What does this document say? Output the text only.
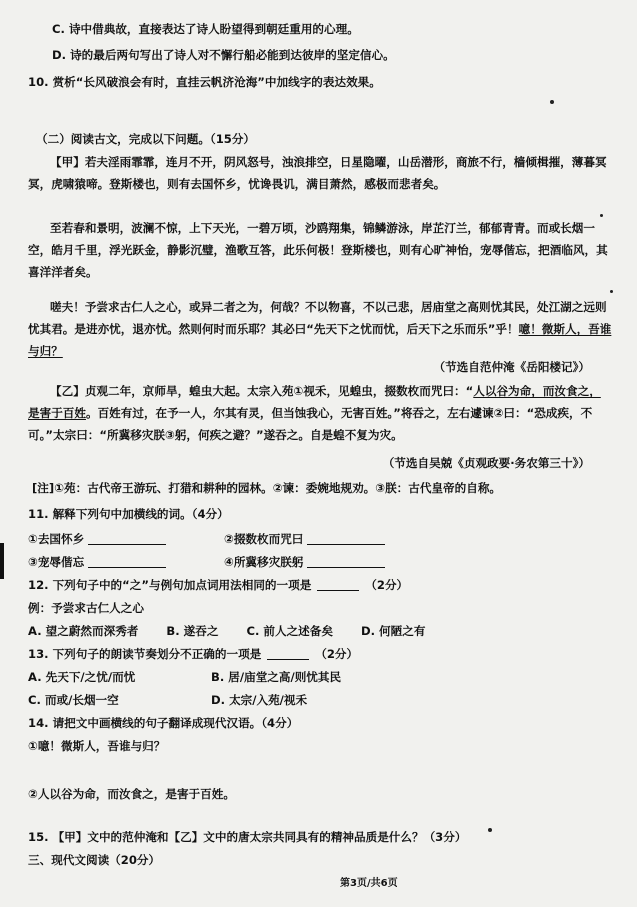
C. 诗中借典故，直接表达了诗人盼望得到朝廷重用的心理。
D. 诗的最后两句写出了诗人对不懈行船必能到达彼岸的坚定信心。
10. 赏析“长风破浪会有时，直挂云帆济沧海”中加线字的表达效果。
（二）阅读古文，完成以下问题。（15分）
【甲】若夫淫雨霏霏，连月不开，阴风怒号，浊浪排空，日星隐曜，山岳潜形，商旅不行，樯倾楫摧，薄暮冥冥，虎啸猿啼。登斯楼也，则有去国怀乡，忧谗畏讥，满目萧然，感极而悲者矣。
至若春和景明，波澜不惊，上下天光，一碧万顷，沙鸥翔集，锦鳞游泳，岸芷汀兰，郁郁青青。而或长烟一空，皓月千里，浮光跃金，静影沉璧，渔歌互答，此乐何极！登斯楼也，则有心旷神怡，宠辱偕忘，把酒临风，其喜洋洋者矣。
嗟夫！予尝求古仁人之心，或异二者之为，何哉？不以物喜，不以己悲，居庙堂之高则忧其民，处江湖之远则忧其君。是进亦忧，退亦忧。然则何时而乐耶？其必曰“先天下之忧而忧，后天下之乐而乐”乎！噫！微斯人，吾谁与归？
（节选自范仲淹《岳阳楼记》）
【乙】贞观二年，京师旱，蝗虫大起。太宗入苑①视禾，见蝗虫，掇数枚而咒曰：“人以谷为命，而汝食之，是害于百姓。百姓有过，在予一人，尔其有灵，但当蚀我心，无害百姓。”将吞之，左右遽谏②曰：“恐成疾，不可。”太宗曰：“所冀移灾朕③躬，何疾之避？”遂吞之。自是蝗不复为灾。
（节选自吴兢《贞观政要·务农第三十》）
[注]①苑：古代帝王游玩、打猎和耕种的园林。②谏：委婉地规劝。③朕：古代皇帝的自称。
11. 解释下列句中加横线的词。（4分）
①去国怀乡	②掇数枚而咒曰
③宠辱偕忘	④所冀移灾朕躬
12. 下列句子中的“之”与例句加点词用法相同的一项是	（2分）
例：予尝求古仁人之心
A. 望之蔚然而深秀者 B. 遂吞之 C. 前人之述备矣 D. 何陋之有
13. 下列句子的朗读节奏划分不正确的一项是	（2分）
A. 先天下/之忧/而忧	B. 居/庙堂之高/则忧其民
C. 而或/长烟一空	D. 太宗/入苑/视禾
14. 请把文中画横线的句子翻译成现代汉语。（4分）
①噫！微斯人，吾谁与归？
②人以谷为命，而汝食之，是害于百姓。
15. 【甲】文中的范仲淹和【乙】文中的唐太宗共同具有的精神品质是什么？（3分）
三、现代文阅读（20分）
第3页/共6页
